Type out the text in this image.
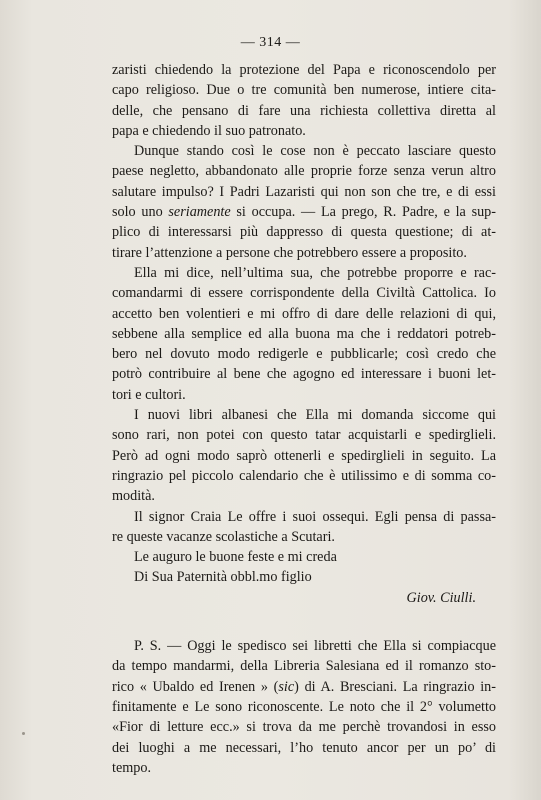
— 314 —

zaristi chiedendo la protezione del Papa e riconoscendolo per
capo religioso. Due o tre comunità ben numerose, intiere cita-
delle, che pensano di fare una richiesta collettiva diretta al
papa e chiedendo il suo patronato.

Dunque stando così le cose non è peccato lasciare questo
paese negletto, abbandonato alle proprie forze senza verun altro
salutare impulso? I Padri Lazaristi qui non son che tre, e di essi
solo uno seriamente si occupa. — La prego, R. Padre, e la sup-
plico di interessarsi più dappresso di questa questione; di at-
tirare l’attenzione a persone che potrebbero essere a proposito.

Ella mi dice, nell’ultima sua, che potrebbe proporre e rac-
comandarmi di essere corrispondente della Civiltà Cattolica. Io
accetto ben volentieri e mi offro di dare delle relazioni di qui,
sebbene alla semplice ed alla buona ma che i reddatori potreb-
bero nel dovuto modo redigerle e pubblicarle; così credo che
potrò contribuire al bene che agogno ed interessare i buoni let-
tori e cultori.

I nuovi libri albanesi che Ella mi domanda siccome qui
sono rari, non potei con questo tatar acquistarli e spedirglieli.
Però ad ogni modo saprò ottenerli e spedirglieli in seguito. La
ringrazio pel piccolo calendario che è utilissimo e di somma co-
modità.

Il signor Craia Le offre i suoi ossequi. Egli pensa di passa-
re queste vacanze scolastiche a Scutari.

Le auguro le buone feste e mi creda

Di Sua Paternità obbl.mo figlio

Giov. Ciulli.

P. S. — Oggi le spedisco sei libretti che Ella si compiacque
da tempo mandarmi, della Libreria Salesiana ed il romanzo sto-
rico « Ubaldo ed Irenen » (sic) di A. Bresciani. La ringrazio in-
finitamente e Le sono riconoscente. Le noto che il 2° volumetto
«Fior di letture ecc.» si trova da me perchè trovandosi in esso
dei luoghi a me necessari, l’ho tenuto ancor per un po’ di
tempo.
